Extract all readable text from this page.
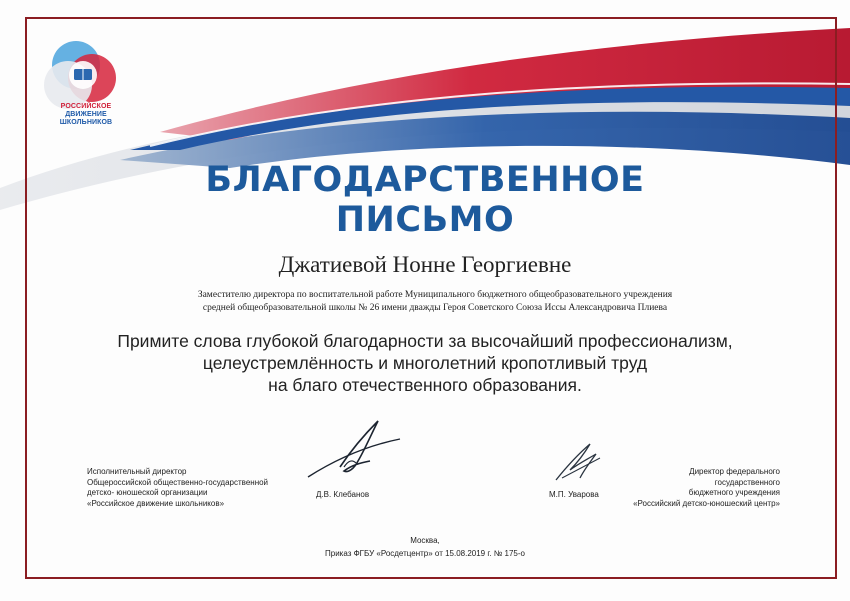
РОССИЙСКОЕ
ДВИЖЕНИЕ ШКОЛЬНИКОВ
БЛАГОДАРСТВЕННОЕ
ПИСЬМО
Джатиевой Нонне Георгиевне
Заместителю директора по воспитательной работе Муниципального бюджетного общеобразовательного учреждения
средней общеобразовательной школы № 26 имени дважды Героя Советского Союза Иссы Александровича Плиева
Примите слова глубокой благодарности за высочайший профессионализм,
целеустремлённость и многолетний кропотливый труд
на благо отечественного образования.
Исполнительный директор
Общероссийской общественно-государственной
детско- юношеской организации
«Российское движение школьников»
Д.В. Клебанов	М.П. Уварова
Директор федерального
государственного
бюджетного учреждения
«Российский детско-юношеский центр»
Москва,
Приказ ФГБУ «Росдетцентр» от 15.08.2019 г. № 175-о
